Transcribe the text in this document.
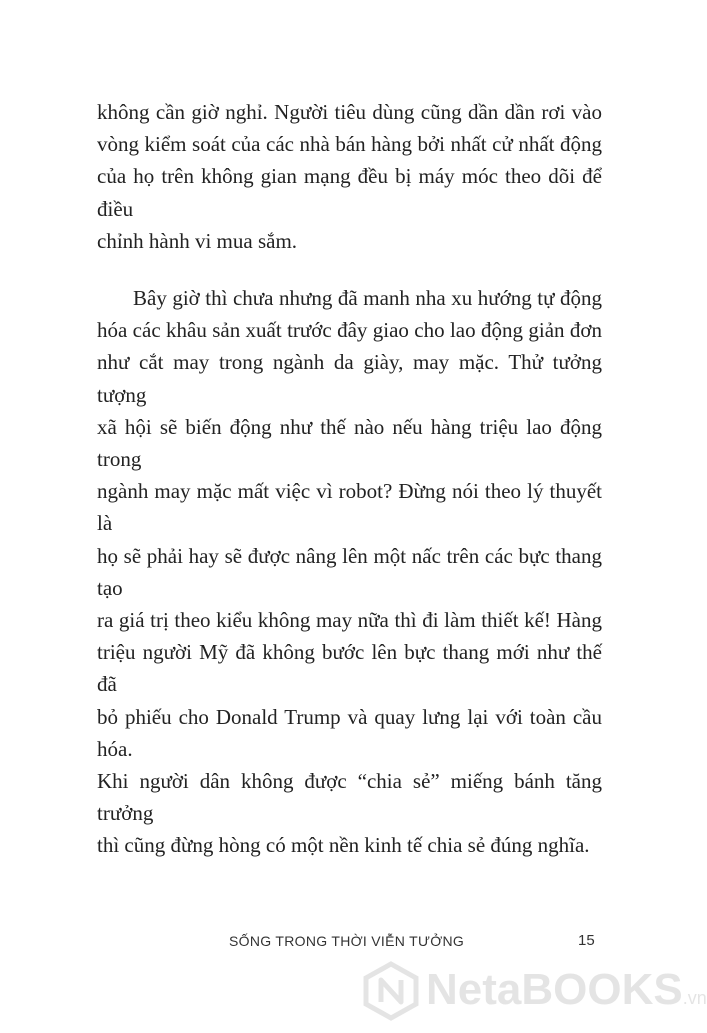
không cần giờ nghỉ. Người tiêu dùng cũng dần dần rơi vào
vòng kiểm soát của các nhà bán hàng bởi nhất cử nhất động
của họ trên không gian mạng đều bị máy móc theo dõi để điều
chỉnh hành vi mua sắm.
Bây giờ thì chưa nhưng đã manh nha xu hướng tự động
hóa các khâu sản xuất trước đây giao cho lao động giản đơn
như cắt may trong ngành da giày, may mặc. Thử tưởng tượng
xã hội sẽ biến động như thế nào nếu hàng triệu lao động trong
ngành may mặc mất việc vì robot? Đừng nói theo lý thuyết là
họ sẽ phải hay sẽ được nâng lên một nấc trên các bực thang tạo
ra giá trị theo kiểu không may nữa thì đi làm thiết kế! Hàng
triệu người Mỹ đã không bước lên bực thang mới như thế đã
bỏ phiếu cho Donald Trump và quay lưng lại với toàn cầu hóa.
Khi người dân không được “chia sẻ” miếng bánh tăng trưởng
thì cũng đừng hòng có một nền kinh tế chia sẻ đúng nghĩa.
SỐNG TRONG THỜI VIỄN TƯỞNG	15
NetaBOOKS.vn
